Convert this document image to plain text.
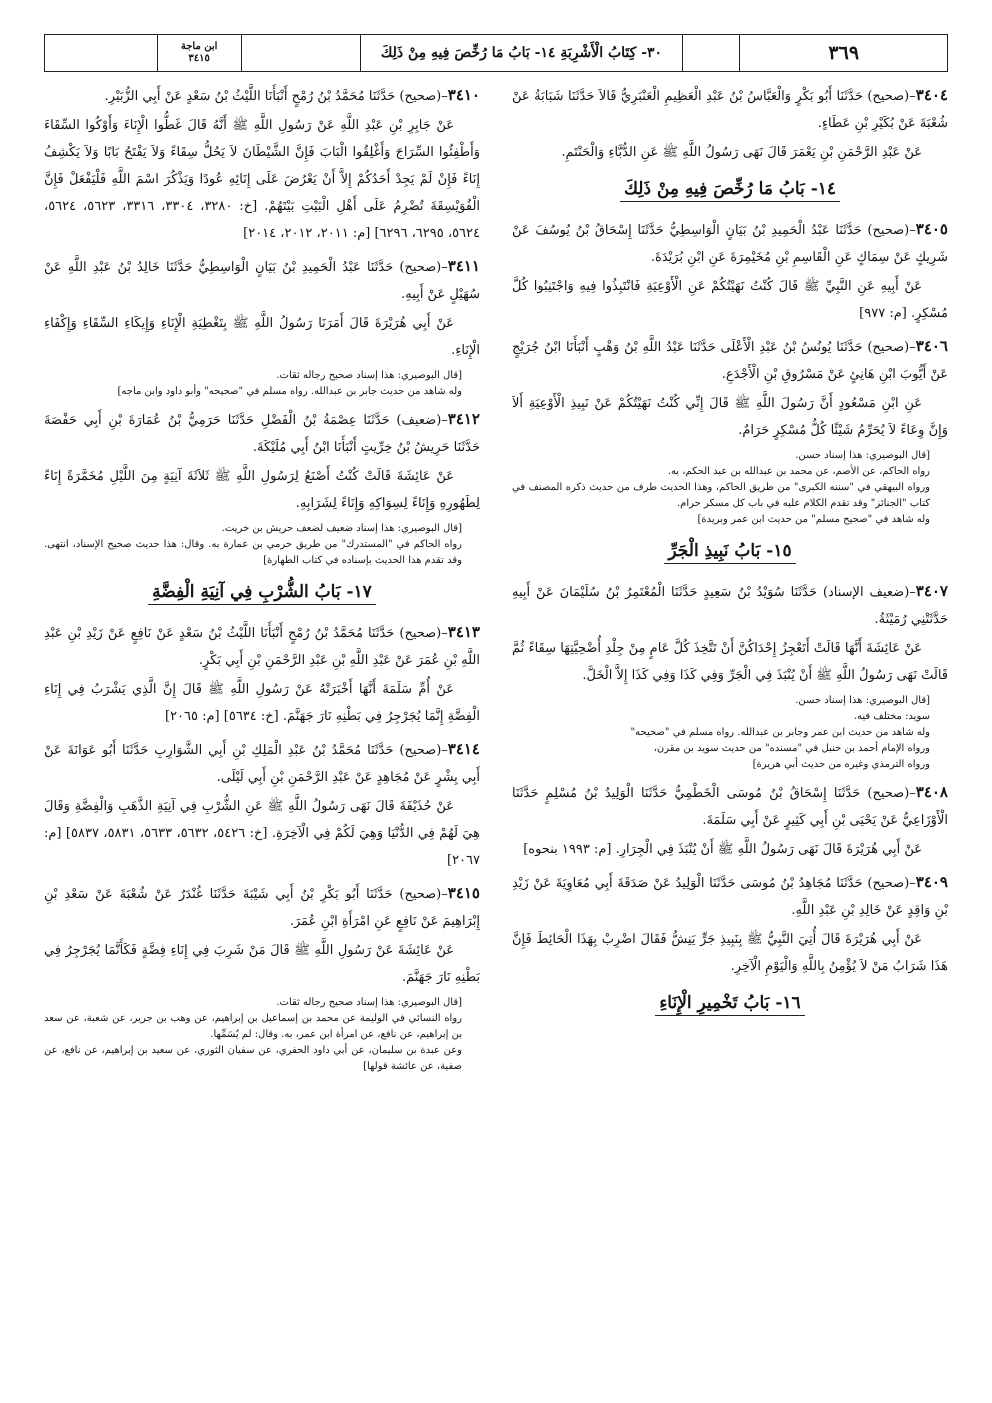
٣٦٩
٣٠- كِتَابُ الْأَشْرِبَةِ ١٤- بَابُ مَا رُخِّصَ فِيهِ مِنْ ذَلِكَ
ابن ماجة
٣٤١٥

٣٤٠٤–(صحيح) حَدَّثَنَا أَبُو بَكْرٍ وَالْعَبَّاسُ بْنُ عَبْدِ الْعَظِيمِ الْعَنْبَرِيُّ قَالاَ حَدَّثَنَا شَبَابَةُ عَنْ شُعْبَةَ عَنْ بُكَيْرِ بْنِ عَطَاءٍ.

عَنْ عَبْدِ الرَّحْمَنِ بْنِ يَعْمَرَ قَالَ نَهَى رَسُولُ اللَّهِ ﷺ عَنِ الدُّبَّاءِ وَالْحَنْتَمِ.

١٤- بَابُ مَا رُخِّصَ فِيهِ مِنْ ذَلِكَ

٣٤٠٥–(صحيح) حَدَّثَنَا عَبْدُ الْحَمِيدِ بْنُ بَيَانٍ الْوَاسِطِيُّ حَدَّثَنَا إِسْحَاقُ بْنُ يُوسُفَ عَنْ شَرِيكٍ عَنْ سِمَاكٍ عَنِ الْقَاسِمِ بْنِ مُخَيْمِرَةَ عَنِ ابْنِ بُرَيْدَةَ.

عَنْ أَبِيهِ عَنِ النَّبِيِّ ﷺ قَالَ كُنْتُ نَهَيْتُكُمْ عَنِ الْأَوْعِيَةِ فَانْتَبِذُوا فِيهِ وَاجْتَنِبُوا كُلَّ مُسْكِرٍ. [م: ٩٧٧]

٣٤٠٦–(صحيح) حَدَّثَنَا يُونُسُ بْنُ عَبْدِ الْأَعْلَى حَدَّثَنَا عَبْدُ اللَّهِ بْنُ وَهْبٍ أَنْبَأَنَا ابْنُ جُرَيْجٍ عَنْ أَيُّوبَ ابْنِ هَانِئٍ عَنْ مَسْرُوقِ بْنِ الْأَجْدَعِ.

عَنِ ابْنِ مَسْعُودٍ أَنَّ رَسُولَ اللَّهِ ﷺ قَالَ إِنِّي كُنْتُ نَهَيْتُكُمْ عَنْ نَبِيذِ الْأَوْعِيَةِ أَلاَ وَإِنَّ وِعَاءً لاَ يُحَرِّمُ شَيْئًا كُلُّ مُسْكِرٍ حَرَامٌ.

[قال البوصيري: هذا إسناد حسن.

رواه الحاكم، عن الأصم، عن محمد بن عبدالله بن عبد الحكم، به.

ورواه البيهقي في "سننه الكبرى" من طريق الحاكم، وهذا الحديث طرف من حديث ذكره المصنف في كتاب "الجنائز" وقد تقدم الكلام عليه في باب كل مسكر حرام.

وله شاهد في "صحيح مسلم" من حديث ابن عمر وبريدة]

١٥- بَابُ نَبِيذِ الْجَرِّ

٣٤٠٧–(ضعيف الإسناد) حَدَّثَنَا سُوَيْدُ بْنُ سَعِيدٍ حَدَّثَنَا الْمُعْتَمِرُ بْنُ سُلَيْمَانَ عَنْ أَبِيهِ حَدَّثَتْنِي رُمَيْثَةُ.

عَنْ عَائِشَةَ أَنَّهَا قَالَتْ أَتَعْجِزُ إِحْدَاكُنَّ أَنْ تَتَّخِذَ كُلَّ عَامٍ مِنْ جِلْدِ أُضْحِيَّتِهَا سِقَاءً ثُمَّ قَالَتْ نَهَى رَسُولُ اللَّهِ ﷺ أَنْ يُنْبَذَ فِي الْجَرِّ وَفِي كَذَا وَفِي كَذَا إِلاَّ الْخَلَّ.

[قال البوصيري: هذا إسناد حسن.

سويد: مختلف فيه.

وله شاهد من حديث ابن عمر وجابر بن عبدالله. رواه مسلم في "صحيحه"

ورواه الإمام أحمد بن حنبل في "مسنده" من حديث سويد بن مقرن،

ورواه الترمذي وغيره من حديث أبي هريرة]

٣٤٠٨–(صحيح) حَدَّثَنَا إِسْحَاقُ بْنُ مُوسَى الْخَطْمِيُّ حَدَّثَنَا الْوَلِيدُ بْنُ مُسْلِمٍ حَدَّثَنَا الْأَوْزَاعِيُّ عَنْ يَحْيَى بْنِ أَبِي كَثِيرٍ عَنْ أَبِي سَلَمَةَ.

عَنْ أَبِي هُرَيْرَةَ قَالَ نَهَى رَسُولُ اللَّهِ ﷺ أَنْ يُنْبَذَ فِي الْجِرَارِ. [م: ١٩٩٣ بنحوه]

٣٤٠٩–(صحيح) حَدَّثَنَا مُجَاهِدُ بْنُ مُوسَى حَدَّثَنَا الْوَلِيدُ عَنْ صَدَقَةَ أَبِي مُعَاوِيَةَ عَنْ زَيْدِ بْنِ وَاقِدٍ عَنْ خَالِدِ بْنِ عَبْدِ اللَّهِ.

عَنْ أَبِي هُرَيْرَةَ قَالَ أُتِيَ النَّبِيُّ ﷺ بِنَبِيذِ جَرٍّ يَنِشُّ فَقَالَ اضْرِبْ بِهَذَا الْحَائِطَ فَإِنَّ هَذَا شَرَابُ مَنْ لاَ يُؤْمِنُ بِاللَّهِ وَالْيَوْمِ الْآخِرِ.

١٦- بَابُ تَخْمِيرِ الْإِنَاءِ

٣٤١٠–(صحيح) حَدَّثَنَا مُحَمَّدُ بْنُ رُمْحٍ أَنْبَأَنَا اللَّيْثُ بْنُ سَعْدٍ عَنْ أَبِي الزُّبَيْرِ.

عَنْ جَابِرِ بْنِ عَبْدِ اللَّهِ عَنْ رَسُولِ اللَّهِ ﷺ أَنَّهُ قَالَ غَطُّوا الْإِنَاءَ وَأَوْكُوا السِّقَاءَ وَأَطْفِئُوا السِّرَاجَ وَأَغْلِقُوا الْبَابَ فَإِنَّ الشَّيْطَانَ لاَ يَحُلُّ سِقَاءً وَلاَ يَفْتَحُ بَابًا وَلاَ يَكْشِفُ إِنَاءً فَإِنْ لَمْ يَجِدْ أَحَدُكُمْ إِلاَّ أَنْ يَعْرُضَ عَلَى إِنَائِهِ عُودًا وَيَذْكُرَ اسْمَ اللَّهِ فَلْيَفْعَلْ فَإِنَّ الْفُوَيْسِقَةَ تُضْرِمُ عَلَى أَهْلِ الْبَيْتِ بَيْتَهُمْ. [خ: ٣٢٨٠، ٣٣٠٤، ٣٣١٦، ٥٦٢٣، ٥٦٢٤، ٥٦٢٤، ٦٢٩٥، ٦٢٩٦] [م: ٢٠١١، ٢٠١٢، ٢٠١٤]

٣٤١١–(صحيح) حَدَّثَنَا عَبْدُ الْحَمِيدِ بْنُ بَيَانٍ الْوَاسِطِيُّ حَدَّثَنَا خَالِدُ بْنُ عَبْدِ اللَّهِ عَنْ سُهَيْلٍ عَنْ أَبِيهِ.

عَنْ أَبِي هُرَيْرَةَ قَالَ أَمَرَنَا رَسُولُ اللَّهِ ﷺ بِتَغْطِيَةِ الْإِنَاءِ وَإِيكَاءِ السِّقَاءِ وَإِكْفَاءِ الْإِنَاءِ.

[قال البوصيري: هذا إسناد صحيح رجاله ثقات.

وله شاهد من حديث جابر بن عبدالله. رواه مسلم في "صحيحه" وأبو داود وابن ماجه]

٣٤١٢–(ضعيف) حَدَّثَنَا عِصْمَةُ بْنُ الْفَضْلِ حَدَّثَنَا حَرَمِيُّ بْنُ عُمَارَةَ بْنِ أَبِي حَفْصَةَ حَدَّثَنَا حَرِيشُ بْنُ خِرِّيتٍ أَنْبَأَنَا ابْنُ أَبِي مُلَيْكَةَ.

عَنْ عَائِشَةَ قَالَتْ كُنْتُ أَصْنَعُ لِرَسُولِ اللَّهِ ﷺ ثَلاَثَةَ آنِيَةٍ مِنَ اللَّيْلِ مُخَمَّرَةً إِنَاءً لِطَهُورِهِ وَإِنَاءً لِسِوَاكِهِ وَإِنَاءً لِشَرَابِهِ.

[قال البوصيري: هذا إسناد ضعيف لضعف حريش بن خريت.

رواه الحاكم في "المستدرك" من طريق حرمي بن عمارة به. وقال: هذا حديث صحيح الإسناد، انتهى. وقد تقدم هذا الحديث بإسناده في كتاب الطهارة]

١٧- بَابُ الشُّرْبِ فِي آنِيَةِ الْفِضَّةِ

٣٤١٣–(صحيح) حَدَّثَنَا مُحَمَّدُ بْنُ رُمْحٍ أَنْبَأَنَا اللَّيْثُ بْنُ سَعْدٍ عَنْ نَافِعٍ عَنْ زَيْدِ بْنِ عَبْدِ اللَّهِ بْنِ عُمَرَ عَنْ عَبْدِ اللَّهِ بْنِ عَبْدِ الرَّحْمَنِ بْنِ أَبِي بَكْرٍ.

عَنْ أُمِّ سَلَمَةَ أَنَّهَا أَخْبَرَتْهُ عَنْ رَسُولِ اللَّهِ ﷺ قَالَ إِنَّ الَّذِي يَشْرَبُ فِي إِنَاءِ الْفِضَّةِ إِنَّمَا يُجَرْجِرُ فِي بَطْنِهِ نَارَ جَهَنَّمَ. [خ: ٥٦٣٤] [م: ٢٠٦٥]

٣٤١٤–(صحيح) حَدَّثَنَا مُحَمَّدُ بْنُ عَبْدِ الْمَلِكِ بْنِ أَبِي الشَّوَارِبِ حَدَّثَنَا أَبُو عَوَانَةَ عَنْ أَبِي بِشْرٍ عَنْ مُجَاهِدٍ عَنْ عَبْدِ الرَّحْمَنِ بْنِ أَبِي لَيْلَى.

عَنْ حُذَيْفَةَ قَالَ نَهَى رَسُولُ اللَّهِ ﷺ عَنِ الشُّرْبِ فِي آنِيَةِ الذَّهَبِ وَالْفِضَّةِ وَقَالَ هِيَ لَهُمْ فِي الدُّنْيَا وَهِيَ لَكُمْ فِي الْآخِرَةِ. [خ: ٥٤٢٦، ٥٦٣٢، ٥٦٣٣، ٥٨٣١، ٥٨٣٧] [م: ٢٠٦٧]

٣٤١٥–(صحيح) حَدَّثَنَا أَبُو بَكْرِ بْنُ أَبِي شَيْبَةَ حَدَّثَنَا غُنْدَرٌ عَنْ شُعْبَةَ عَنْ سَعْدِ بْنِ إِبْرَاهِيمَ عَنْ نَافِعٍ عَنِ امْرَأَةِ ابْنِ عُمَرَ.

عَنْ عَائِشَةَ عَنْ رَسُولِ اللَّهِ ﷺ قَالَ مَنْ شَرِبَ فِي إِنَاءِ فِضَّةٍ فَكَأَنَّمَا يُجَرْجِرُ فِي بَطْنِهِ نَارَ جَهَنَّمَ.

[قال البوصيري: هذا إسناد صحيح رجاله ثقات.

رواه النسائي في الوليمة عن محمد بن إسماعيل بن إبراهيم، عن وهب بن جرير، عن شعبة، عن سعد بن إبراهيم، عن نافع، عن امرأة ابن عمر، به. وقال: لم يُسَمِّها.

وعن عبدة بن سليمان، عن أبي داود الحفري، عن سفيان الثوري، عن سعيد بن إبراهيم، عن نافع، عن صفية، عن عائشة قولها]
